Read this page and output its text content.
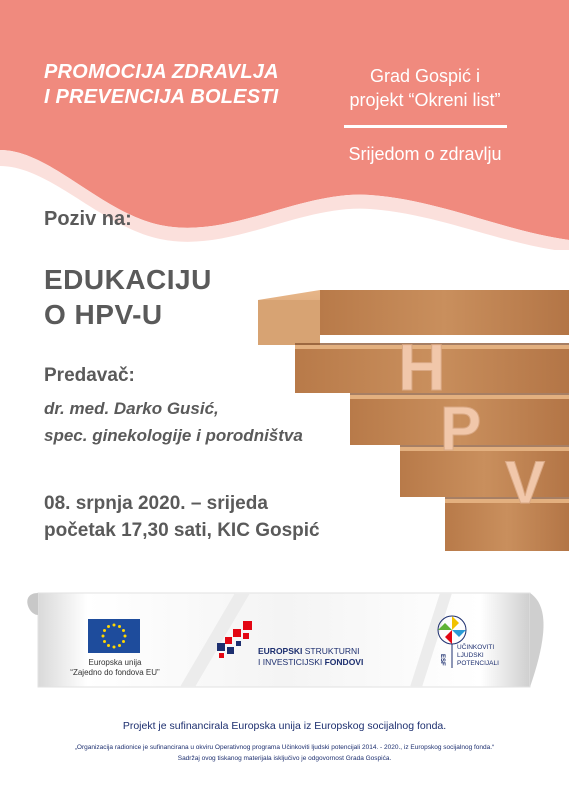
PROMOCIJA ZDRAVLJA
I PREVENCIJA BOLESTI
Grad Gospić i
projekt “Okreni list”
Srijedom o zdravlju
Poziv na:
EDUKACIJU
O HPV-U
Predavač:
dr. med. Darko Gusić,
spec. ginekologije i porodništva
08. srpnja 2020. – srijeda
početak 17,30 sati, KIC Gospić
H
P
V
Europska unija
“Zajedno do fondova EU”
EUROPSKI STRUKTURNI
I INVESTICIJSKI FONDOVI	ESF
UČINKOVITI
LJUDSKI
POTENCIJALI
Projekt je sufinancirala Europska unija iz Europskog socijalnog fonda.
„Organizacija radionice je sufinancirana u okviru Operativnog programa Učinkoviti ljudski potencijali 2014. - 2020., iz Europskog socijalnog fonda.“
Sadržaj ovog tiskanog materijala isključivo je odgovornost Grada Gospića.
